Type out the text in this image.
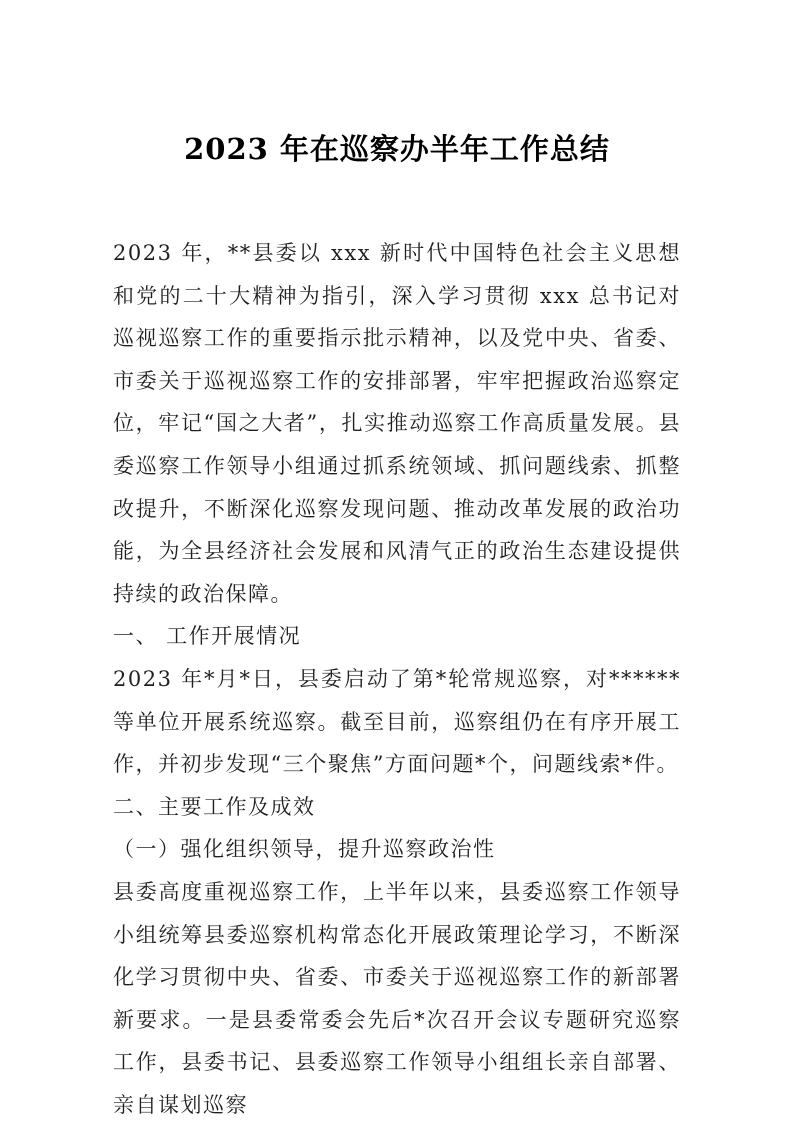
2023 年在巡察办半年工作总结

2023 年，**县委以 xxx 新时代中国特色社会主义思想和党的二十大精神为指引，深入学习贯彻 xxx 总书记对巡视巡察工作的重要指示批示精神，以及党中央、省委、市委关于巡视巡察工作的安排部署，牢牢把握政治巡察定位，牢记“国之大者”，扎实推动巡察工作高质量发展。县委巡察工作领导小组通过抓系统领域、抓问题线索、抓整改提升，不断深化巡察发现问题、推动改革发展的政治功能，为全县经济社会发展和风清气正的政治生态建设提供持续的政治保障。

一、 工作开展情况

2023 年*月*日，县委启动了第*轮常规巡察，对******等单位开展系统巡察。截至目前，巡察组仍在有序开展工作，并初步发现“三个聚焦”方面问题*个，问题线索*件。

二、主要工作及成效

（一）强化组织领导，提升巡察政治性

县委高度重视巡察工作，上半年以来，县委巡察工作领导小组统筹县委巡察机构常态化开展政策理论学习，不断深化学习贯彻中央、省委、市委关于巡视巡察工作的新部署新要求。一是县委常委会先后*次召开会议专题研究巡察工作，县委书记、县委巡察工作领导小组组长亲自部署、亲自谋划巡察
